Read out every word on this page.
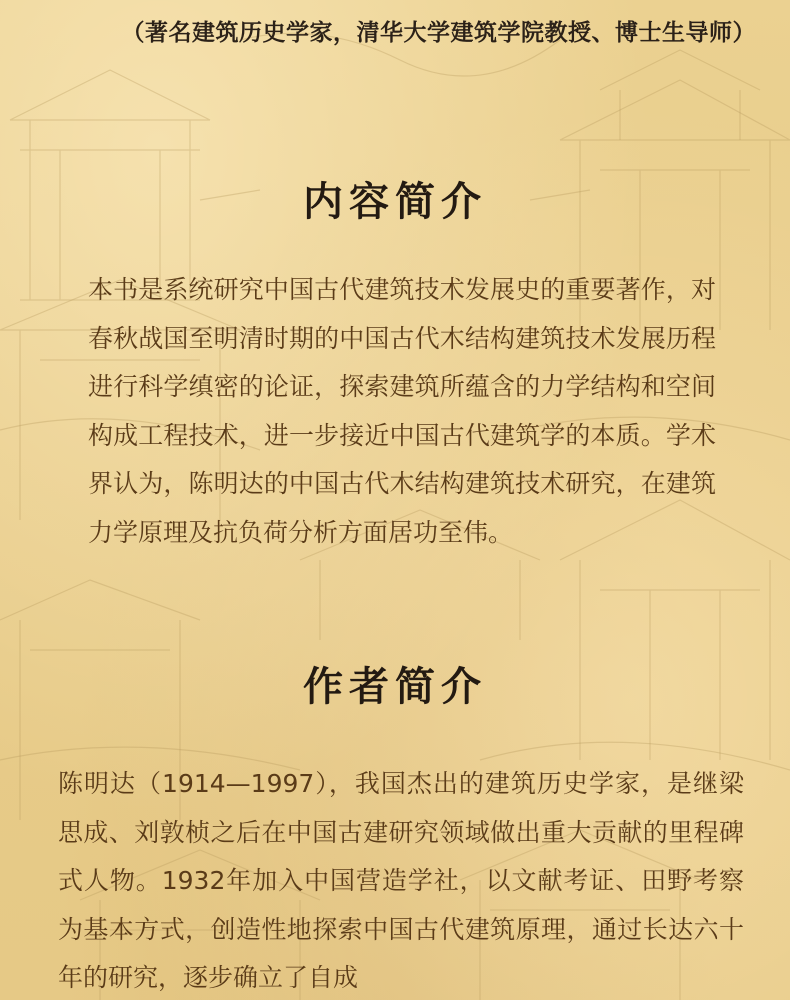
（著名建筑历史学家，清华大学建筑学院教授、博士生导师）
内容简介

本书是系统研究中国古代建筑技术发展史的重要著作，对春秋战国至明清时期的中国古代木结构建筑技术发展历程进行科学缜密的论证，探索建筑所蕴含的力学结构和空间构成工程技术，进一步接近中国古代建筑学的本质。学术界认为，陈明达的中国古代木结构建筑技术研究，在建筑力学原理及抗负荷分析方面居功至伟。

作者简介

陈明达（1914—1997），我国杰出的建筑历史学家，是继梁思成、刘敦桢之后在中国古建研究领域做出重大贡献的里程碑式人物。1932年加入中国营造学社，以文献考证、田野考察为基本方式，创造性地探索中国古代建筑原理，通过长达六十年的研究，逐步确立了自成
